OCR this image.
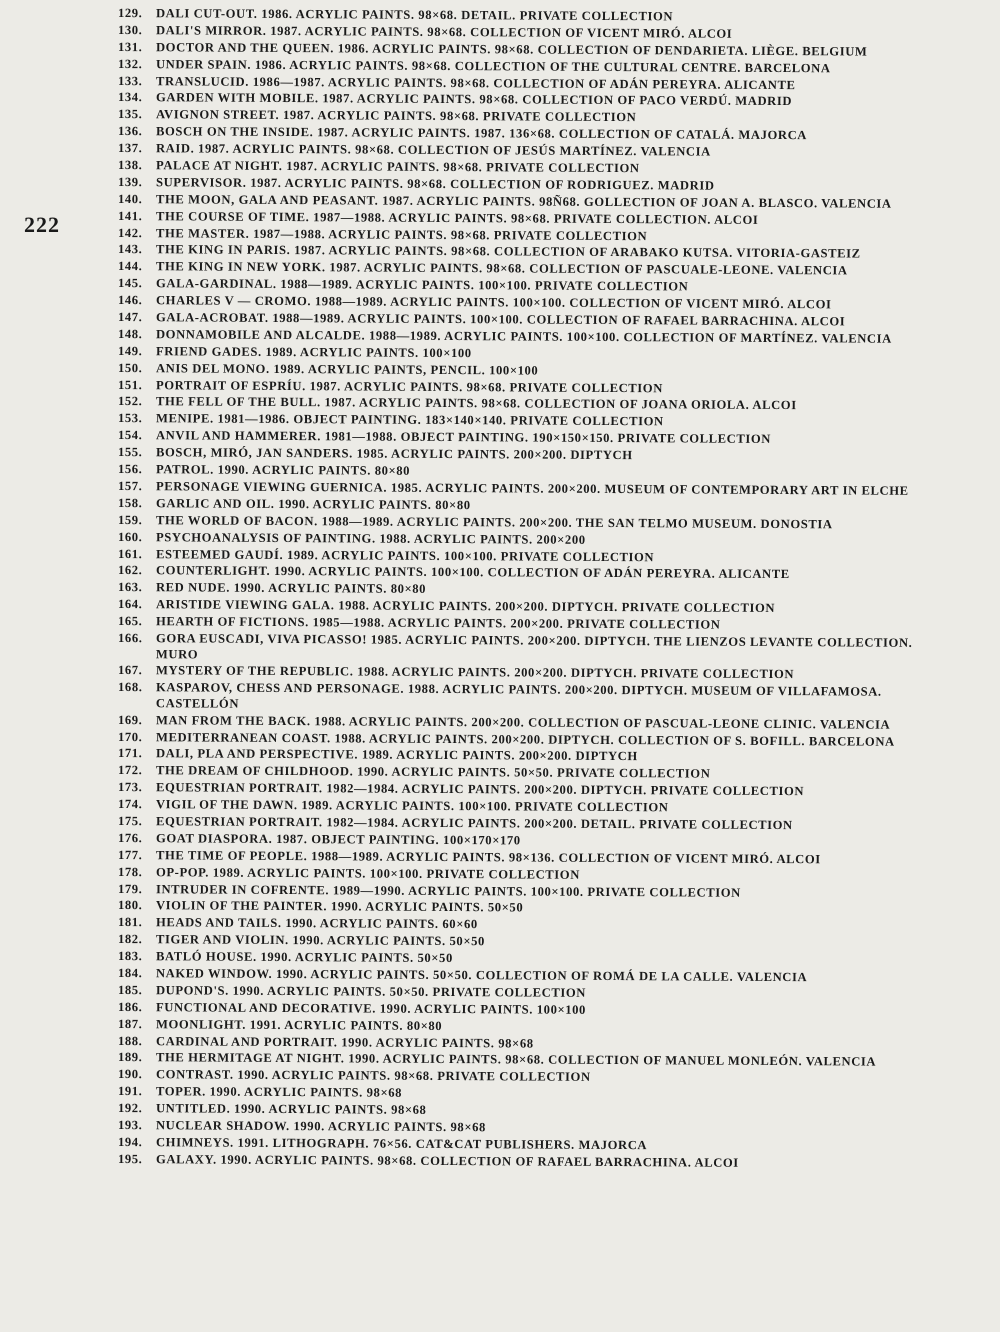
222
129.	DALI CUT-OUT. 1986. ACRYLIC PAINTS. 98×68. DETAIL. PRIVATE COLLECTION
130.	DALI'S MIRROR. 1987. ACRYLIC PAINTS. 98×68. COLLECTION OF VICENT MIRÓ. ALCOI
131.	DOCTOR AND THE QUEEN. 1986. ACRYLIC PAINTS. 98×68. COLLECTION OF DENDARIETA. LIÈGE. BELGIUM
132.	UNDER SPAIN. 1986. ACRYLIC PAINTS. 98×68. COLLECTION OF THE CULTURAL CENTRE. BARCELONA
133.	TRANSLUCID. 1986—1987. ACRYLIC PAINTS. 98×68. COLLECTION OF ADÁN PEREYRA. ALICANTE
134.	GARDEN WITH MOBILE. 1987. ACRYLIC PAINTS. 98×68. COLLECTION OF PACO VERDÚ. MADRID
135.	AVIGNON STREET. 1987. ACRYLIC PAINTS. 98×68. PRIVATE COLLECTION
136.	BOSCH ON THE INSIDE. 1987. ACRYLIC PAINTS. 1987. 136×68. COLLECTION OF CATALÁ. MAJORCA
137.	RAID. 1987. ACRYLIC PAINTS. 98×68. COLLECTION OF JESÚS MARTÍNEZ. VALENCIA
138.	PALACE AT NIGHT. 1987. ACRYLIC PAINTS. 98×68. PRIVATE COLLECTION
139.	SUPERVISOR. 1987. ACRYLIC PAINTS. 98×68. COLLECTION OF RODRIGUEZ. MADRID
140.	THE MOON, GALA AND PEASANT. 1987. ACRYLIC PAINTS. 98Ñ68. GOLLECTION OF JOAN A. BLASCO. VALENCIA
141.	THE COURSE OF TIME. 1987—1988. ACRYLIC PAINTS. 98×68. PRIVATE COLLECTION. ALCOI
142.	THE MASTER. 1987—1988. ACRYLIC PAINTS. 98×68. PRIVATE COLLECTION
143.	THE KING IN PARIS. 1987. ACRYLIC PAINTS. 98×68. COLLECTION OF ARABAKO KUTSA. VITORIA-GASTEIZ
144.	THE KING IN NEW YORK. 1987. ACRYLIC PAINTS. 98×68. COLLECTION OF PASCUALE-LEONE. VALENCIA
145.	GALA-GARDINAL. 1988—1989. ACRYLIC PAINTS. 100×100. PRIVATE COLLECTION
146.	CHARLES V — CROMO. 1988—1989. ACRYLIC PAINTS. 100×100. COLLECTION OF VICENT MIRÓ. ALCOI
147.	GALA-ACROBAT. 1988—1989. ACRYLIC PAINTS. 100×100. COLLECTION OF RAFAEL BARRACHINA. ALCOI
148.	DONNAMOBILE AND ALCALDE. 1988—1989. ACRYLIC PAINTS. 100×100. COLLECTION OF MARTÍNEZ. VALENCIA
149.	FRIEND GADES. 1989. ACRYLIC PAINTS. 100×100
150.	ANIS DEL MONO. 1989. ACRYLIC PAINTS, PENCIL. 100×100
151.	PORTRAIT OF ESPRÍU. 1987. ACRYLIC PAINTS. 98×68. PRIVATE COLLECTION
152.	THE FELL OF THE BULL. 1987. ACRYLIC PAINTS. 98×68. COLLECTION OF JOANA ORIOLA. ALCOI
153.	MENIPE. 1981—1986. OBJECT PAINTING. 183×140×140. PRIVATE COLLECTION
154.	ANVIL AND HAMMERER. 1981—1988. OBJECT PAINTING. 190×150×150. PRIVATE COLLECTION
155.	BOSCH, MIRÓ, JAN SANDERS. 1985. ACRYLIC PAINTS. 200×200. DIPTYCH
156.	PATROL. 1990. ACRYLIC PAINTS. 80×80
157.	PERSONAGE VIEWING GUERNICA. 1985. ACRYLIC PAINTS. 200×200. MUSEUM OF CONTEMPORARY ART IN ELCHE
158.	GARLIC AND OIL. 1990. ACRYLIC PAINTS. 80×80
159.	THE WORLD OF BACON. 1988—1989. ACRYLIC PAINTS. 200×200. THE SAN TELMO MUSEUM. DONOSTIA
160.	PSYCHOANALYSIS OF PAINTING. 1988. ACRYLIC PAINTS. 200×200
161.	ESTEEMED GAUDÍ. 1989. ACRYLIC PAINTS. 100×100. PRIVATE COLLECTION
162.	COUNTERLIGHT. 1990. ACRYLIC PAINTS. 100×100. COLLECTION OF ADÁN PEREYRA. ALICANTE
163.	RED NUDE. 1990. ACRYLIC PAINTS. 80×80
164.	ARISTIDE VIEWING GALA. 1988. ACRYLIC PAINTS. 200×200. DIPTYCH. PRIVATE COLLECTION
165.	HEARTH OF FICTIONS. 1985—1988. ACRYLIC PAINTS. 200×200. PRIVATE COLLECTION
166.	GORA EUSCADI, VIVA PICASSO! 1985. ACRYLIC PAINTS. 200×200. DIPTYCH. THE LIENZOS LEVANTE COLLECTION. MURO
167.	MYSTERY OF THE REPUBLIC. 1988. ACRYLIC PAINTS. 200×200. DIPTYCH. PRIVATE COLLECTION
168.	KASPAROV, CHESS AND PERSONAGE. 1988. ACRYLIC PAINTS. 200×200. DIPTYCH. MUSEUM OF VILLAFAMOSA. CASTELLÓN
169.	MAN FROM THE BACK. 1988. ACRYLIC PAINTS. 200×200. COLLECTION OF PASCUAL-LEONE CLINIC. VALENCIA
170.	MEDITERRANEAN COAST. 1988. ACRYLIC PAINTS. 200×200. DIPTYCH. COLLECTION OF S. BOFILL. BARCELONA
171.	DALI, PLA AND PERSPECTIVE. 1989. ACRYLIC PAINTS. 200×200. DIPTYCH
172.	THE DREAM OF CHILDHOOD. 1990. ACRYLIC PAINTS. 50×50. PRIVATE COLLECTION
173.	EQUESTRIAN PORTRAIT. 1982—1984. ACRYLIC PAINTS. 200×200. DIPTYCH. PRIVATE COLLECTION
174.	VIGIL OF THE DAWN. 1989. ACRYLIC PAINTS. 100×100. PRIVATE COLLECTION
175.	EQUESTRIAN PORTRAIT. 1982—1984. ACRYLIC PAINTS. 200×200. DETAIL. PRIVATE COLLECTION
176.	GOAT DIASPORA. 1987. OBJECT PAINTING. 100×170×170
177.	THE TIME OF PEOPLE. 1988—1989. ACRYLIC PAINTS. 98×136. COLLECTION OF VICENT MIRÓ. ALCOI
178.	OP-POP. 1989. ACRYLIC PAINTS. 100×100. PRIVATE COLLECTION
179.	INTRUDER IN COFRENTE. 1989—1990. ACRYLIC PAINTS. 100×100. PRIVATE COLLECTION
180.	VIOLIN OF THE PAINTER. 1990. ACRYLIC PAINTS. 50×50
181.	HEADS AND TAILS. 1990. ACRYLIC PAINTS. 60×60
182.	TIGER AND VIOLIN. 1990. ACRYLIC PAINTS. 50×50
183.	BATLÓ HOUSE. 1990. ACRYLIC PAINTS. 50×50
184.	NAKED WINDOW. 1990. ACRYLIC PAINTS. 50×50. COLLECTION OF ROMÁ DE LA CALLE. VALENCIA
185.	DUPOND'S. 1990. ACRYLIC PAINTS. 50×50. PRIVATE COLLECTION
186.	FUNCTIONAL AND DECORATIVE. 1990. ACRYLIC PAINTS. 100×100
187.	MOONLIGHT. 1991. ACRYLIC PAINTS. 80×80
188.	CARDINAL AND PORTRAIT. 1990. ACRYLIC PAINTS. 98×68
189.	THE HERMITAGE AT NIGHT. 1990. ACRYLIC PAINTS. 98×68. COLLECTION OF MANUEL MONLEÓN. VALENCIA
190.	CONTRAST. 1990. ACRYLIC PAINTS. 98×68. PRIVATE COLLECTION
191.	TOPER. 1990. ACRYLIC PAINTS. 98×68
192.	UNTITLED. 1990. ACRYLIC PAINTS. 98×68
193.	NUCLEAR SHADOW. 1990. ACRYLIC PAINTS. 98×68
194.	CHIMNEYS. 1991. LITHOGRAPH. 76×56. CAT&CAT PUBLISHERS. MAJORCA
195.	GALAXY. 1990. ACRYLIC PAINTS. 98×68. COLLECTION OF RAFAEL BARRACHINA. ALCOI
